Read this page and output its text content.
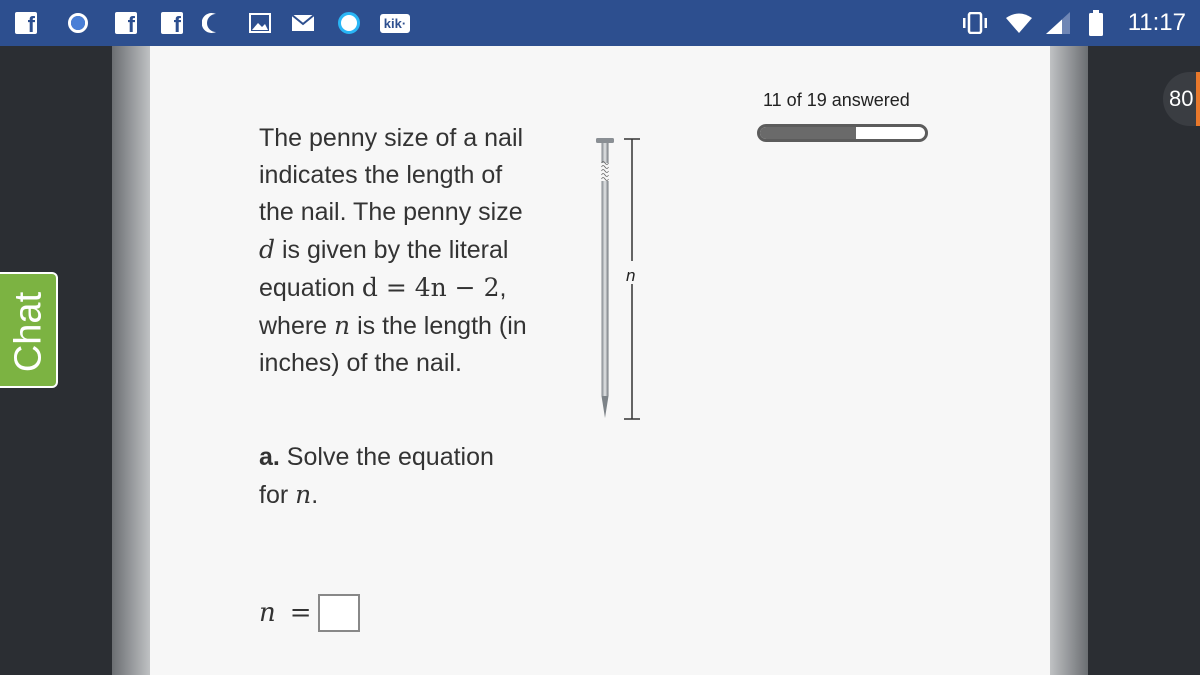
f	f f	kik·	11:17
Chat
80
11 of 19 answered
The penny size of a nail indicates the length of the nail. The penny size d is given by the literal equation d = 4n − 2, where n is the length (in inches) of the nail.
a. Solve the equation for n.
n =
n
